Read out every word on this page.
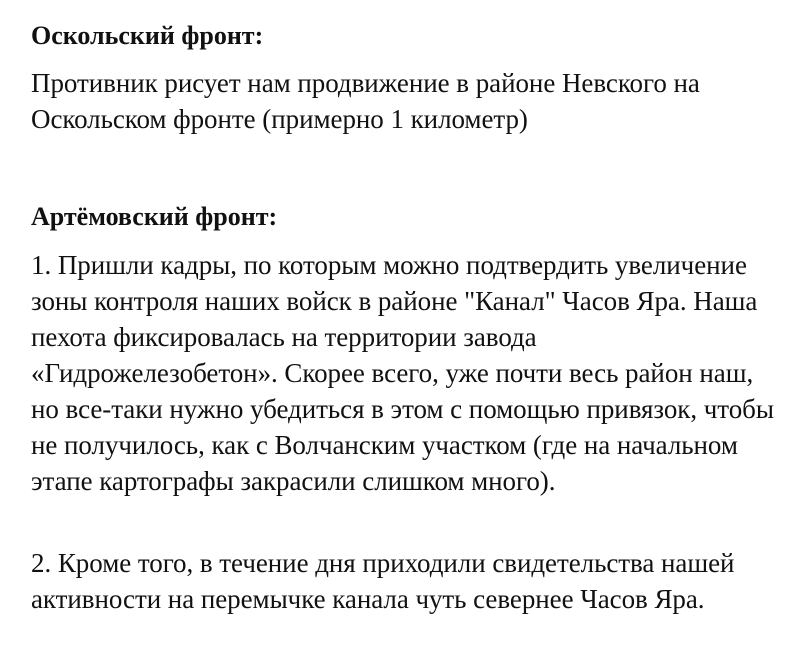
Оскольский фронт:

Противник рисует нам продвижение в районе Невского на Оскольском фронте (примерно 1 километр)

Артёмовский фронт:

1. Пришли кадры, по которым можно подтвердить увеличение зоны контроля наших войск в районе "Канал" Часов Яра. Наша пехота фиксировалась на территории завода «Гидрожелезобетон». Скорее всего, уже почти весь район наш, но все-таки нужно убедиться в этом с помощью привязок, чтобы не получилось, как с Волчанским участком (где на начальном этапе картографы закрасили слишком много).

2. Кроме того, в течение дня приходили свидетельства нашей активности на перемычке канала чуть севернее Часов Яра.
